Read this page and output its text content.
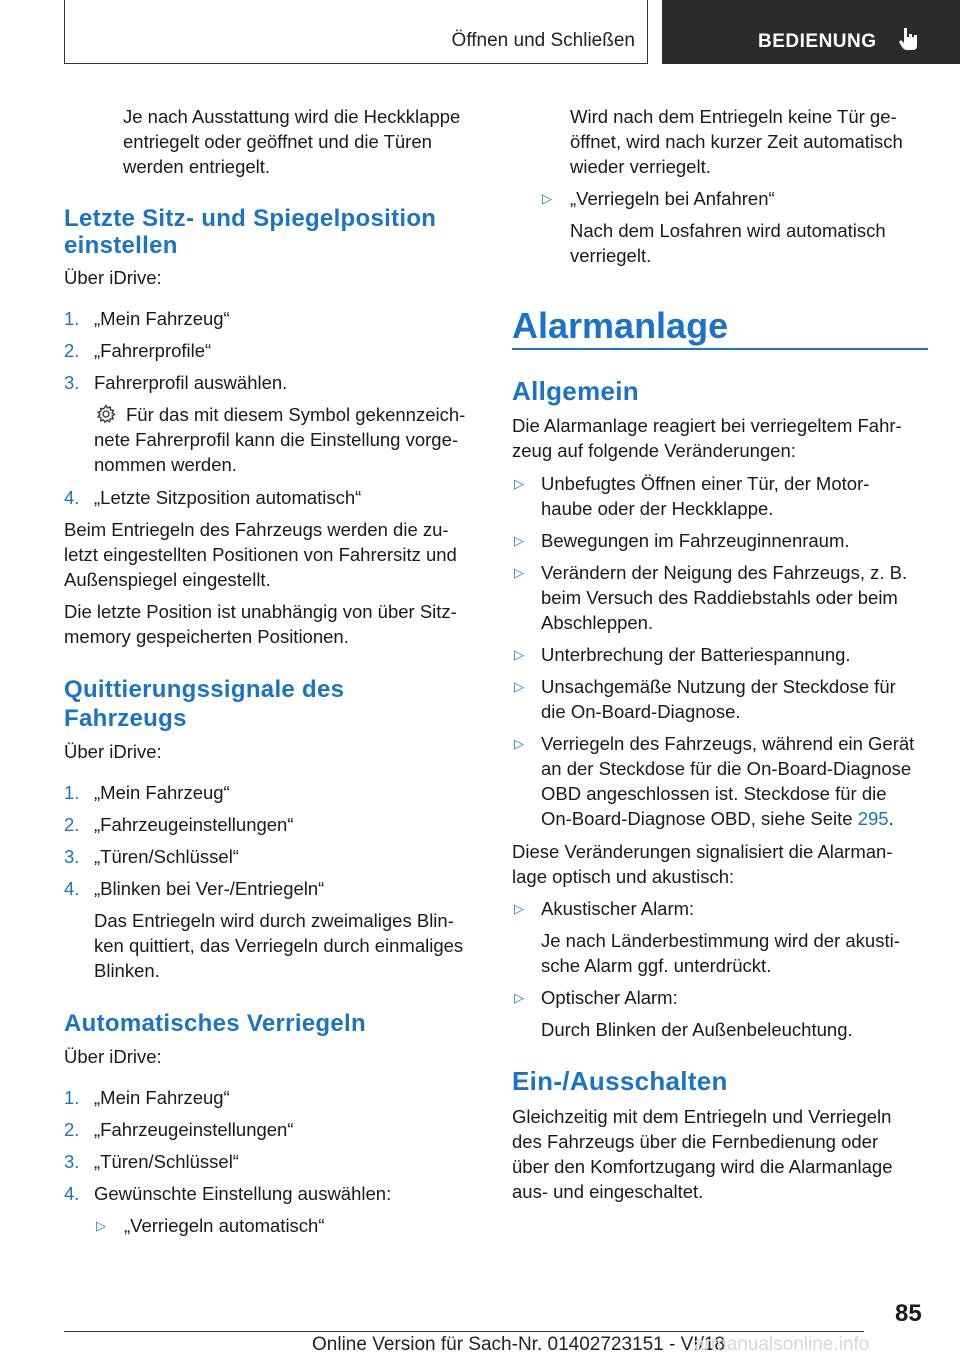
Öffnen und Schließen	BEDIENUNG
Je nach Ausstattung wird die Heckklappe
entriegelt oder geöffnet und die Türen
werden entriegelt.
Letzte Sitz- und Spiegelposition
einstellen
Über iDrive:
1. „Mein Fahrzeug“
2. „Fahrerprofile“
3. Fahrerprofil auswählen.
Für das mit diesem Symbol gekennzeich-
nete Fahrerprofil kann die Einstellung vorge-
nommen werden.
4. „Letzte Sitzposition automatisch“
Beim Entriegeln des Fahrzeugs werden die zu-
letzt eingestellten Positionen von Fahrersitz und
Außenspiegel eingestellt.
Die letzte Position ist unabhängig von über Sitz-
memory gespeicherten Positionen.
Quittierungssignale des
Fahrzeugs
Über iDrive:
1. „Mein Fahrzeug“
2. „Fahrzeugeinstellungen“
3. „Türen/Schlüssel“
4. „Blinken bei Ver-/Entriegeln“
Das Entriegeln wird durch zweimaliges Blin-
ken quittiert, das Verriegeln durch einmaliges
Blinken.
Automatisches Verriegeln
Über iDrive:
1. „Mein Fahrzeug“
2. „Fahrzeugeinstellungen“
3. „Türen/Schlüssel“
4. Gewünschte Einstellung auswählen:
▷ „Verriegeln automatisch“
Wird nach dem Entriegeln keine Tür ge-
öffnet, wird nach kurzer Zeit automatisch
wieder verriegelt.
▷ „Verriegeln bei Anfahren“
Nach dem Losfahren wird automatisch
verriegelt.
Alarmanlage
Allgemein
Die Alarmanlage reagiert bei verriegeltem Fahr-
zeug auf folgende Veränderungen:
▷ Unbefugtes Öffnen einer Tür, der Motor-
haube oder der Heckklappe.
▷ Bewegungen im Fahrzeuginnenraum.
▷ Verändern der Neigung des Fahrzeugs, z. B.
beim Versuch des Raddiebstahls oder beim
Abschleppen.
▷ Unterbrechung der Batteriespannung.
▷ Unsachgemäße Nutzung der Steckdose für
die On-Board-Diagnose.
▷ Verriegeln des Fahrzeugs, während ein Gerät
an der Steckdose für die On-Board-Diagnose
OBD angeschlossen ist. Steckdose für die
On-Board-Diagnose OBD, siehe Seite 295.
Diese Veränderungen signalisiert die Alarman-
lage optisch und akustisch:
▷ Akustischer Alarm:
Je nach Länderbestimmung wird der akusti-
sche Alarm ggf. unterdrückt.
▷ Optischer Alarm:
Durch Blinken der Außenbeleuchtung.
Ein-/Ausschalten
Gleichzeitig mit dem Entriegeln und Verriegeln
des Fahrzeugs über die Fernbedienung oder
über den Komfortzugang wird die Alarmanlage
aus- und eingeschaltet.
85
Online Version für Sach-Nr. 01402723151 - VI/18
armanualsonline.info
